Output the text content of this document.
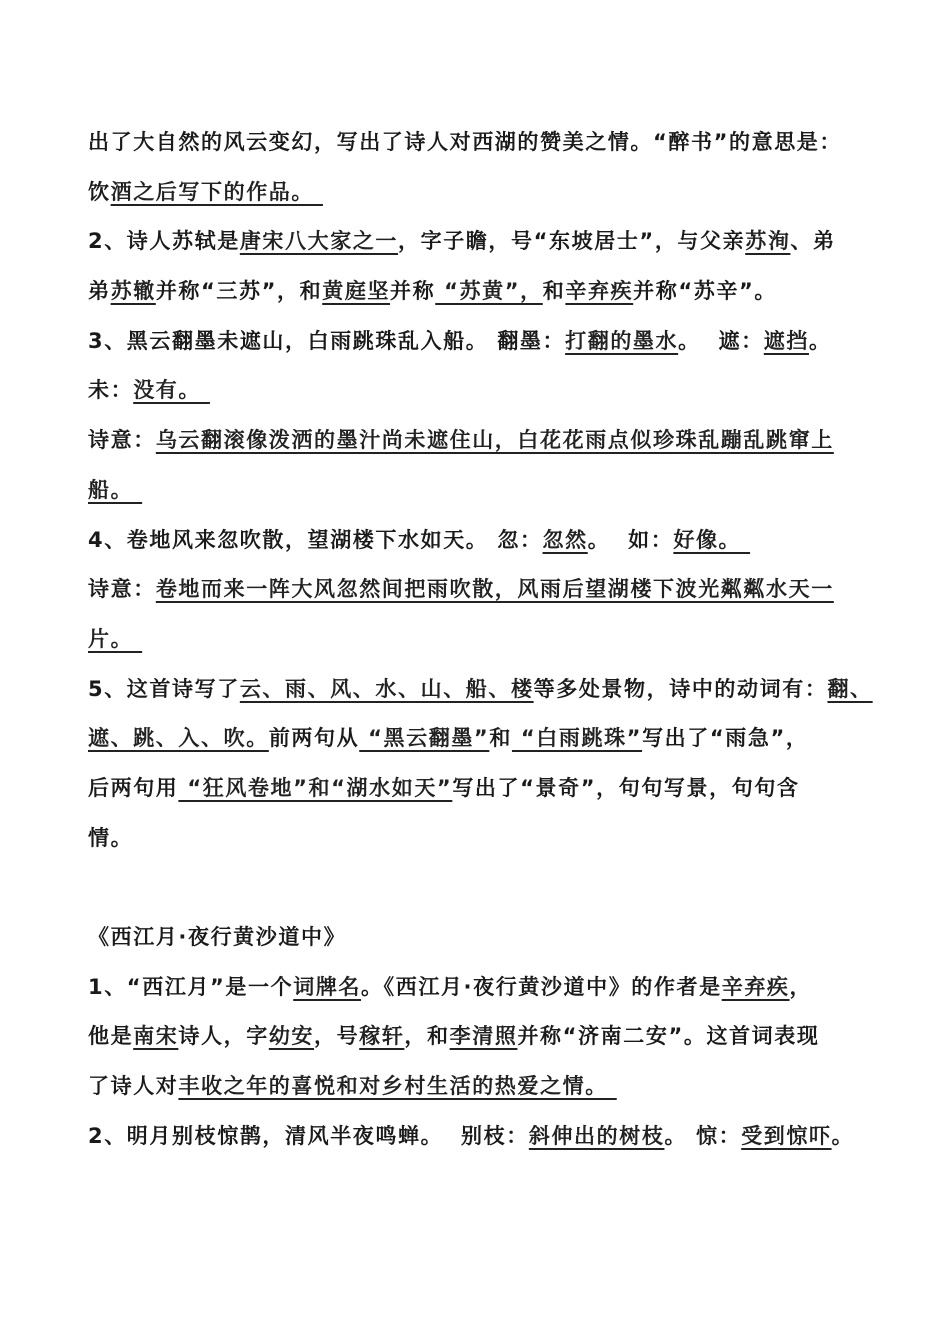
出了大自然的风云变幻，写出了诗人对西湖的赞美之情。“醉书”的意思是：
饮酒之后写下的作品。
2、诗人苏轼是唐宋八大家之一，字子瞻，号“东坡居士”，与父亲苏洵、弟
弟苏辙并称“三苏”，和黄庭坚并称 “苏黄”，和辛弃疾并称“苏辛”。
3、黑云翻墨未遮山，白雨跳珠乱入船。 翻墨：打翻的墨水。  遮：遮挡。
未：没有。
诗意：乌云翻滚像泼洒的墨汁尚未遮住山，白花花雨点似珍珠乱蹦乱跳窜上
船。
4、卷地风来忽吹散，望湖楼下水如天。 忽：忽然。  如：好像。
诗意：卷地而来一阵大风忽然间把雨吹散，风雨后望湖楼下波光粼粼水天一
片。
5、这首诗写了云、雨、风、水、山、船、楼等多处景物，诗中的动词有：翻、
遮、跳、入、吹。前两句从 “黑云翻墨”和 “白雨跳珠”写出了“雨急”，
后两句用 “狂风卷地”和“湖水如天”写出了“景奇”，句句写景，句句含
情。
《西江月·夜行黄沙道中》
1、“西江月”是一个词牌名。《西江月·夜行黄沙道中》的作者是辛弃疾，
他是南宋诗人，字幼安，号稼轩，和李清照并称“济南二安”。这首词表现
了诗人对丰收之年的喜悦和对乡村生活的热爱之情。
2、明月别枝惊鹊，清风半夜鸣蝉。  别枝：斜伸出的树枝。 惊：受到惊吓。
